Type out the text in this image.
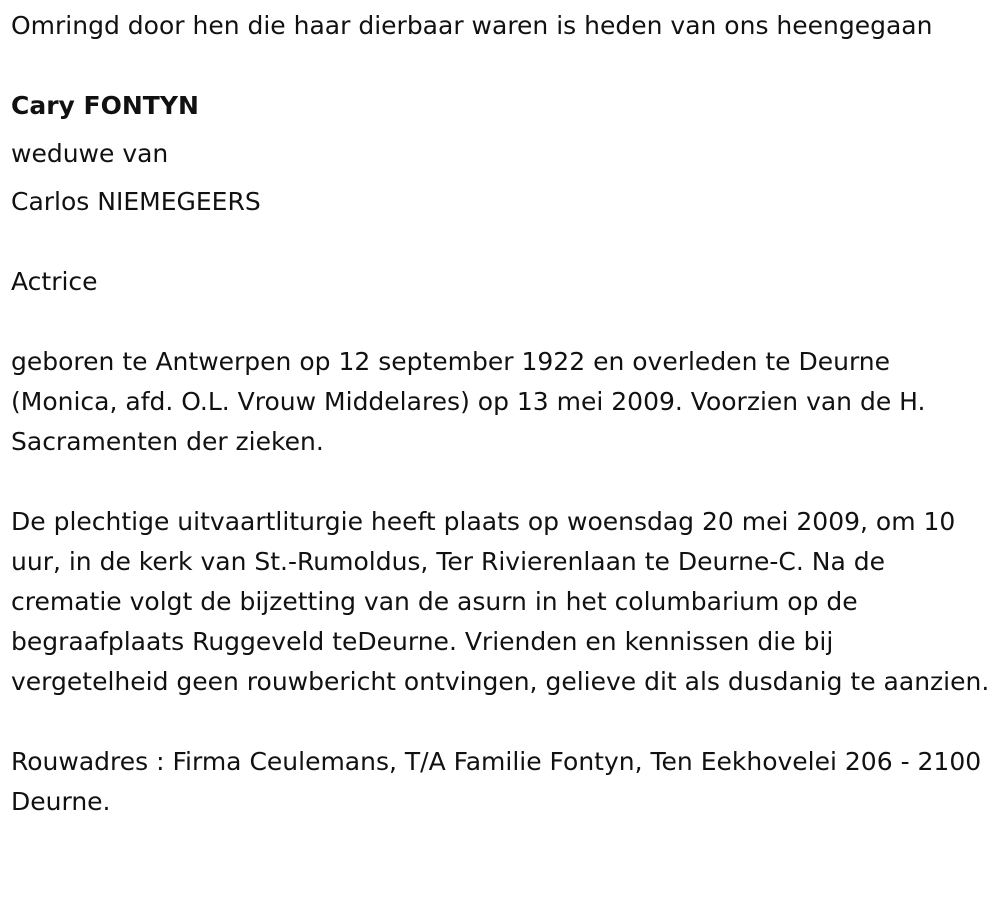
Omringd door hen die haar dierbaar waren is heden van ons heengegaan

Cary FONTYN

weduwe van

Carlos NIEMEGEERS

Actrice

geboren te Antwerpen op 12 september 1922 en overleden te Deurne (Monica, afd. O.L. Vrouw Middelares) op 13 mei 2009. Voorzien van de H. Sacramenten der zieken.

De plechtige uitvaartliturgie heeft plaats op woensdag 20 mei 2009, om 10 uur, in de kerk van St.-Rumoldus, Ter Rivierenlaan te Deurne-C. Na de crematie volgt de bijzetting van de asurn in het columbarium op de begraafplaats Ruggeveld teDeurne. Vrienden en kennissen die bij vergetelheid geen rouwbericht ontvingen, gelieve dit als dusdanig te aanzien.

Rouwadres : Firma Ceulemans, T/A Familie Fontyn, Ten Eekhovelei 206 - 2100 Deurne.
